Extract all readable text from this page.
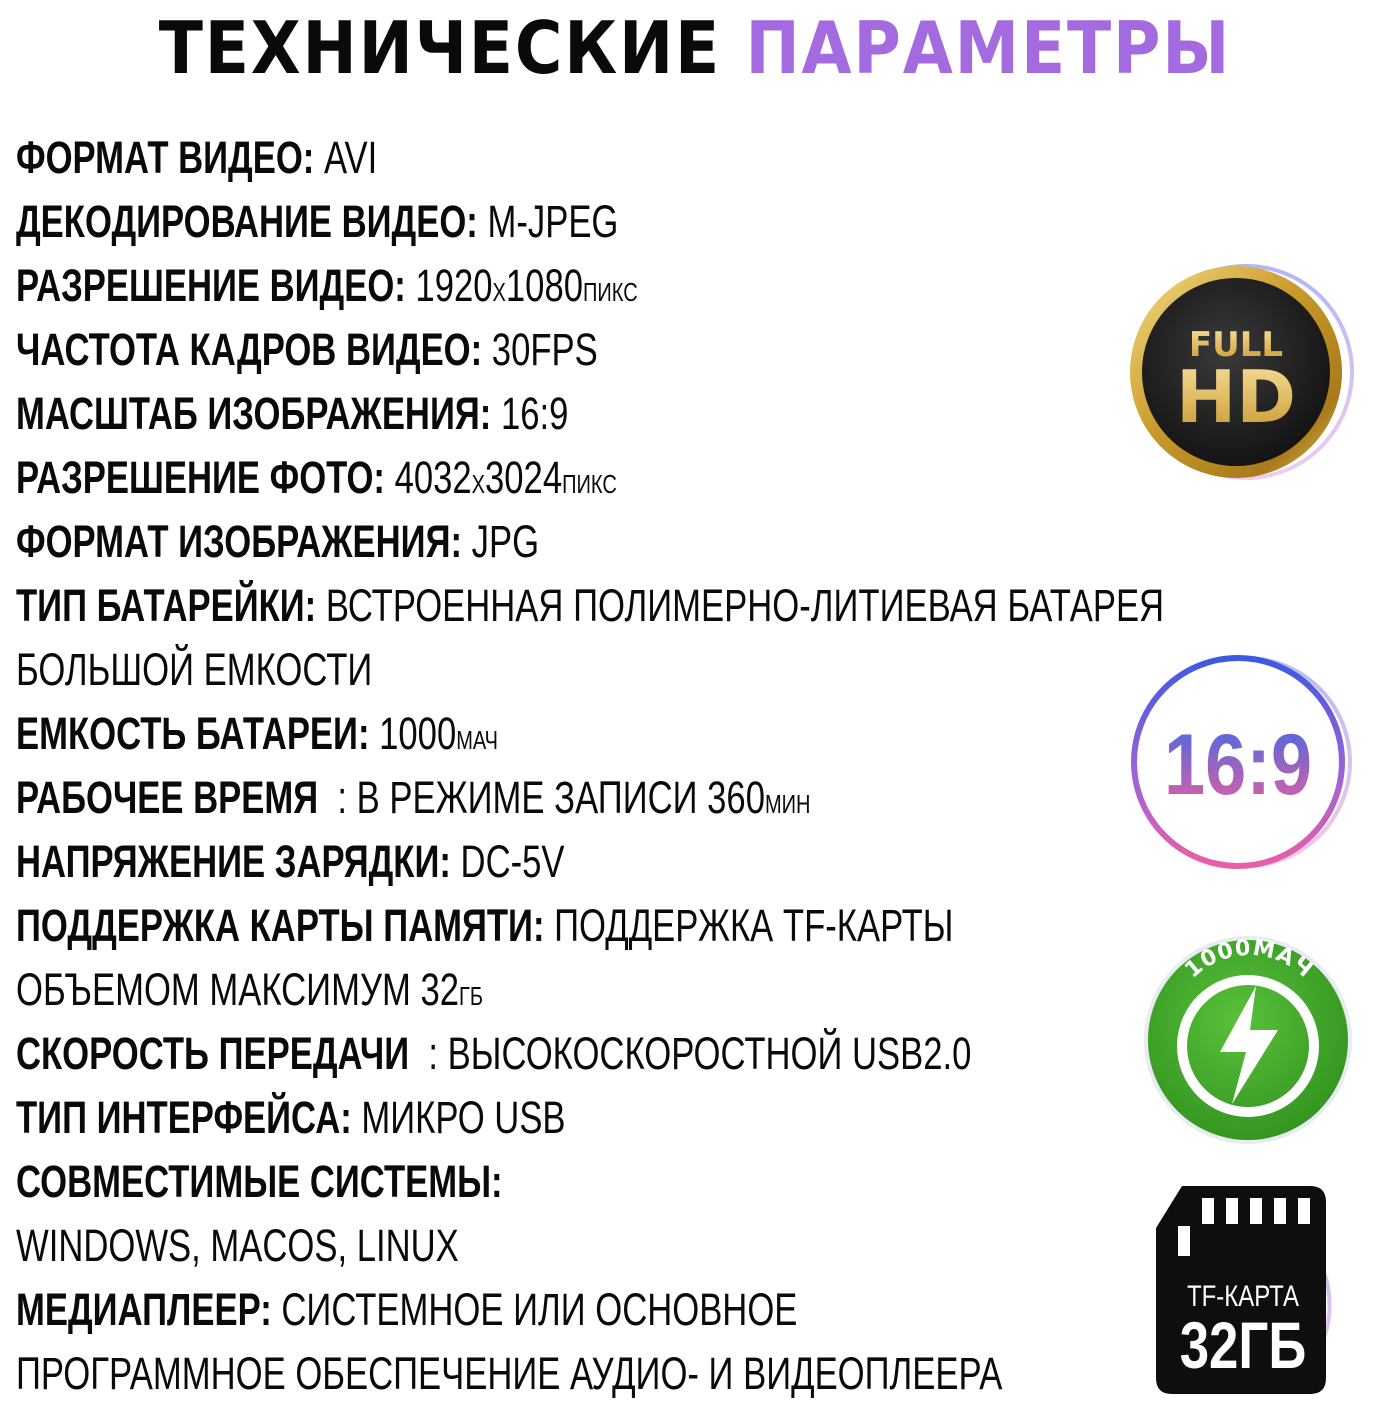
ТЕХНИЧЕСКИЕ ПАРАМЕТРЫ
ФОРМАТ ВИДЕО: AVI
ДЕКОДИРОВАНИЕ ВИДЕО: M-JPEG
РАЗРЕШЕНИЕ ВИДЕО: 1920Х1080ПИКС
ЧАСТОТА КАДРОВ ВИДЕО: 30FPS
МАСШТАБ ИЗОБРАЖЕНИЯ: 16:9
РАЗРЕШЕНИЕ ФОТО: 4032Х3024ПИКС
ФОРМАТ ИЗОБРАЖЕНИЯ: JPG
ТИП БАТАРЕЙКИ: ВСТРОЕННАЯ ПОЛИМЕРНО-ЛИТИЕВАЯ БАТАРЕЯ
БОЛЬШОЙ ЕМКОСТИ
ЕМКОСТЬ БАТАРЕИ: 1000МАЧ
РАБОЧЕЕ ВРЕМЯ : В РЕЖИМЕ ЗАПИСИ 360МИН
НАПРЯЖЕНИЕ ЗАРЯДКИ: DC-5V
ПОДДЕРЖКА КАРТЫ ПАМЯТИ: ПОДДЕРЖКА TF-КАРТЫ
ОБЪЕМОМ МАКСИМУМ 32ГБ
СКОРОСТЬ ПЕРЕДАЧИ : ВЫСОКОСКОРОСТНОЙ USB2.0
ТИП ИНТЕРФЕЙСА: МИКРО USB
СОВМЕСТИМЫЕ СИСТЕМЫ:
WINDOWS, MACOS, LINUX
МЕДИАПЛЕЕР: СИСТЕМНОЕ ИЛИ ОСНОВНОЕ
ПРОГРАММНОЕ ОБЕСПЕЧЕНИЕ АУДИО- И ВИДЕОПЛЕЕРА
FULL
HD
16:9
1000МАЧ
TF-КАРТА
32ГБ
